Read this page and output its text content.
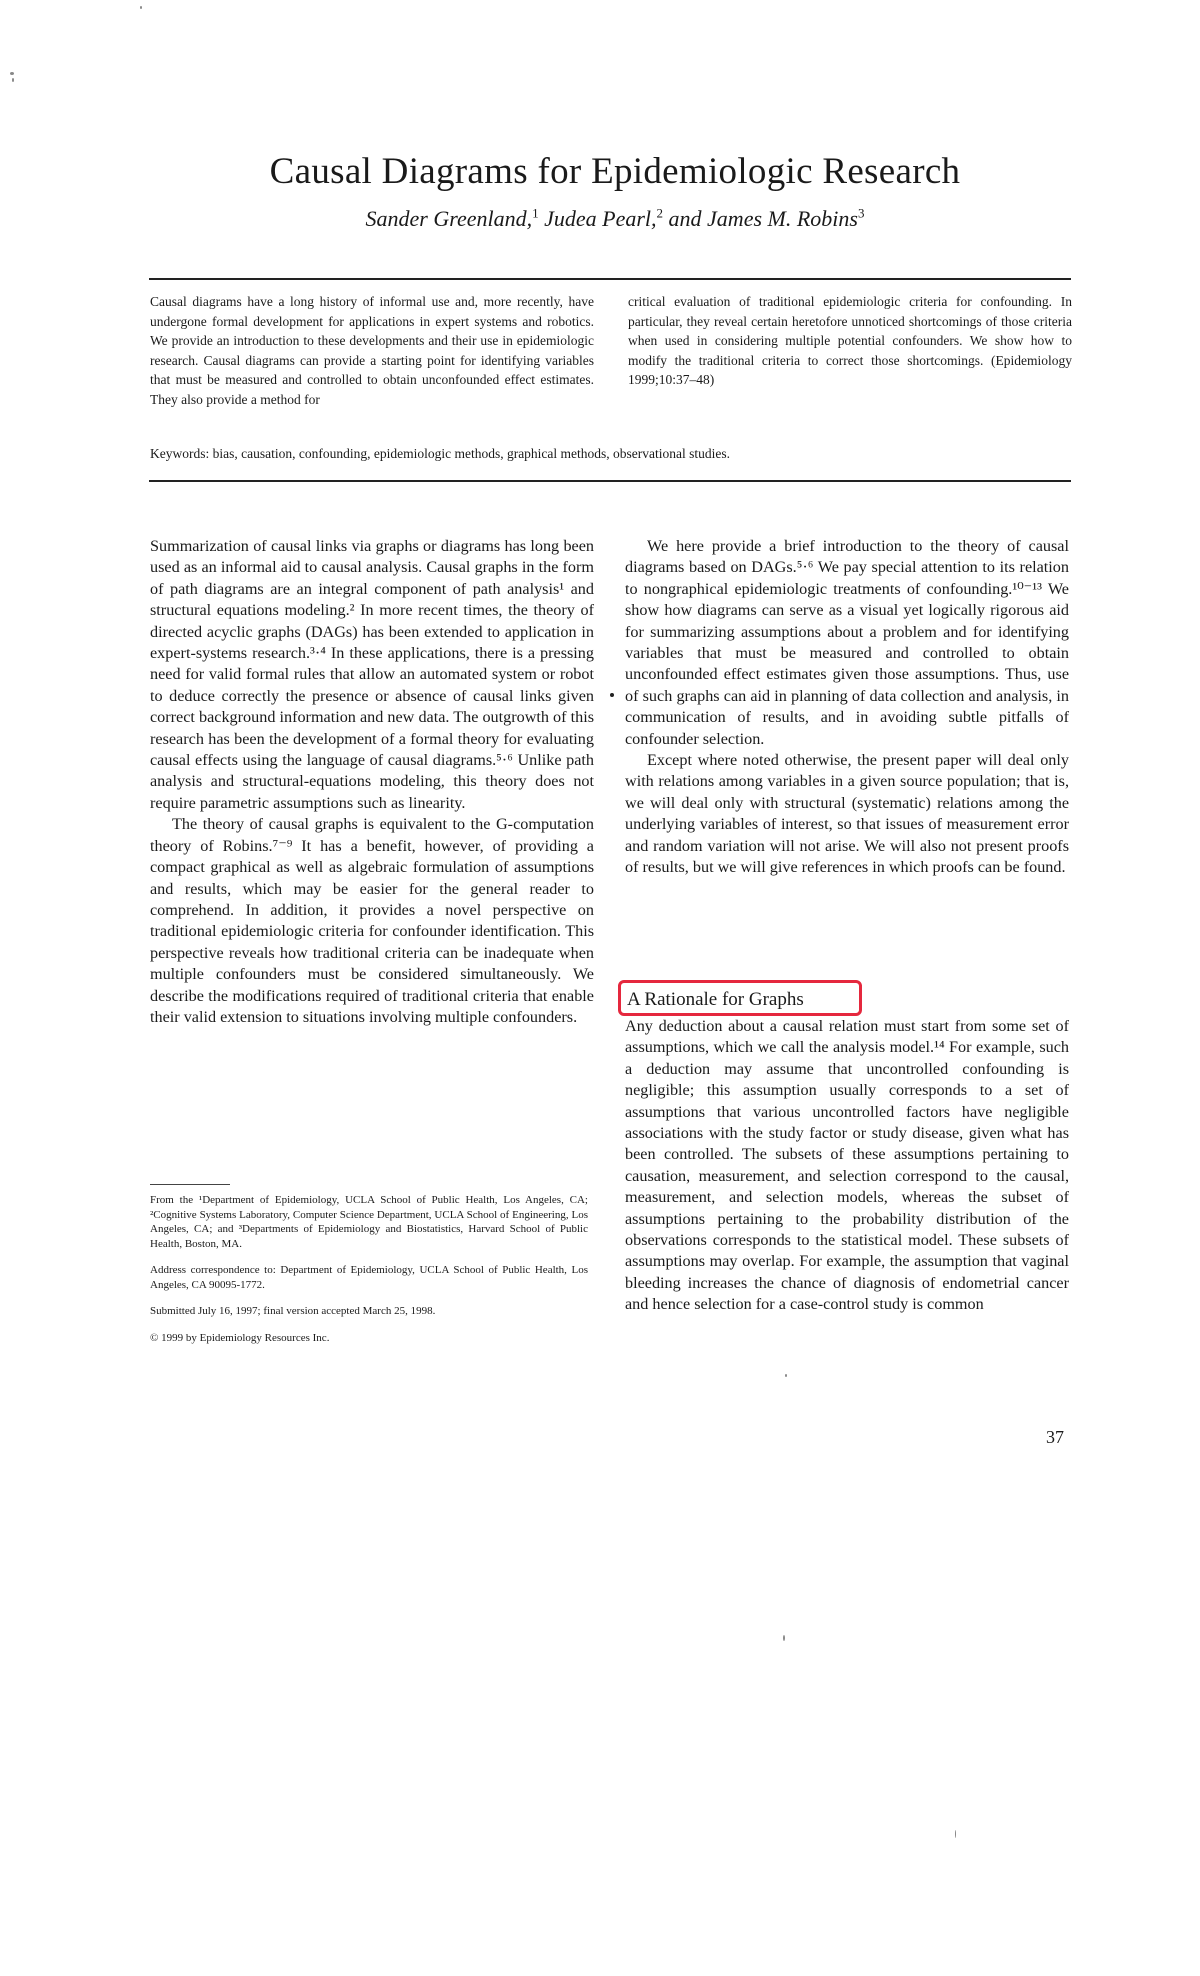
Causal Diagrams for Epidemiologic Research
Sander Greenland,$^1$ Judea Pearl,$^2$ and James M. Robins$^3$

Causal diagrams have a long history of informal use and, more recently, have undergone formal development for applications in expert systems and robotics. We provide an introduction to these developments and their use in epidemiologic research. Causal diagrams can provide a starting point for identifying variables that must be measured and controlled to obtain unconfounded effect estimates. They also provide a method for

critical evaluation of traditional epidemiologic criteria for confounding. In particular, they reveal certain heretofore unnoticed shortcomings of those criteria when used in considering multiple potential confounders. We show how to modify the traditional criteria to correct those shortcomings. (Epidemiology 1999;10:37–48)

Keywords: bias, causation, confounding, epidemiologic methods, graphical methods, observational studies.

Summarization of causal links via graphs or diagrams has long been used as an informal aid to causal analysis. Causal graphs in the form of path diagrams are an integral component of path analysis¹ and structural equations modeling.² In more recent times, the theory of directed acyclic graphs (DAGs) has been extended to application in expert-systems research.³·⁴ In these applications, there is a pressing need for valid formal rules that allow an automated system or robot to deduce correctly the presence or absence of causal links given correct background information and new data. The outgrowth of this research has been the development of a formal theory for evaluating causal effects using the language of causal diagrams.⁵·⁶ Unlike path analysis and structural-equations modeling, this theory does not require parametric assumptions such as linearity.

The theory of causal graphs is equivalent to the G-computation theory of Robins.⁷⁻⁹ It has a benefit, however, of providing a compact graphical as well as algebraic formulation of assumptions and results, which may be easier for the general reader to comprehend. In addition, it provides a novel perspective on traditional epidemiologic criteria for confounder identification. This perspective reveals how traditional criteria can be inadequate when multiple confounders must be considered simultaneously. We describe the modifications required of traditional criteria that enable their valid extension to situations involving multiple confounders.

We here provide a brief introduction to the theory of causal diagrams based on DAGs.⁵·⁶ We pay special attention to its relation to nongraphical epidemiologic treatments of confounding.¹⁰⁻¹³ We show how diagrams can serve as a visual yet logically rigorous aid for summarizing assumptions about a problem and for identifying variables that must be measured and controlled to obtain unconfounded effect estimates given those assumptions. Thus, use of such graphs can aid in planning of data collection and analysis, in communication of results, and in avoiding subtle pitfalls of confounder selection.

Except where noted otherwise, the present paper will deal only with relations among variables in a given source population; that is, we will deal only with structural (systematic) relations among the underlying variables of interest, so that issues of measurement error and random variation will not arise. We will also not present proofs of results, but we will give references in which proofs can be found.

A Rationale for Graphs

Any deduction about a causal relation must start from some set of assumptions, which we call the analysis model.¹⁴ For example, such a deduction may assume that uncontrolled confounding is negligible; this assumption usually corresponds to a set of assumptions that various uncontrolled factors have negligible associations with the study factor or study disease, given what has been controlled. The subsets of these assumptions pertaining to causation, measurement, and selection correspond to the causal, measurement, and selection models, whereas the subset of assumptions pertaining to the probability distribution of the observations corresponds to the statistical model. These subsets of assumptions may overlap. For example, the assumption that vaginal bleeding increases the chance of diagnosis of endometrial cancer and hence selection for a case-control study is common

From the ¹Department of Epidemiology, UCLA School of Public Health, Los Angeles, CA; ²Cognitive Systems Laboratory, Computer Science Department, UCLA School of Engineering, Los Angeles, CA; and ³Departments of Epidemiology and Biostatistics, Harvard School of Public Health, Boston, MA.

Address correspondence to: Department of Epidemiology, UCLA School of Public Health, Los Angeles, CA 90095-1772.

Submitted July 16, 1997; final version accepted March 25, 1998.

© 1999 by Epidemiology Resources Inc.

37
